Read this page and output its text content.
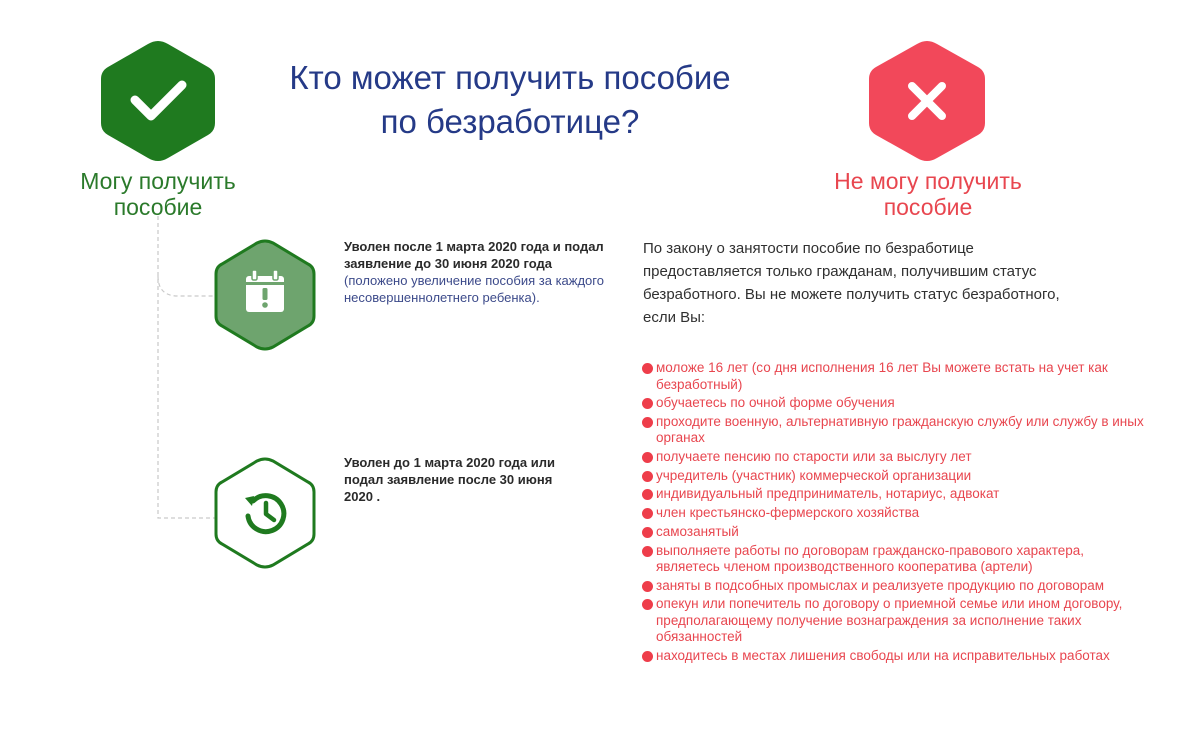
Кто может получить пособие по безработице?
Могу получить пособие
Не могу получить пособие
Уволен после 1 марта 2020 года и подал заявление до 30 июня 2020 года
(положено увеличение пособия за каждого несовершеннолетнего ребенка).
Уволен до 1 марта 2020 года или подал заявление после 30 июня 2020 .
По закону о занятости пособие по безработице предоставляется только гражданам, получившим статус безработного. Вы не можете получить статус безработного, если Вы:
моложе 16 лет (со дня исполнения 16 лет Вы можете встать на учет как безработный)
обучаетесь по очной форме обучения
проходите военную, альтернативную гражданскую службу или службу в иных органах
получаете пенсию по старости или за выслугу лет
учредитель (участник) коммерческой организации
индивидуальный предприниматель, нотариус, адвокат
член крестьянско-фермерского хозяйства
самозанятый
выполняете работы по договорам гражданско-правового характера, являетесь членом производственного кооператива (артели)
заняты в подсобных промыслах и реализуете продукцию по договорам
опекун или попечитель по договору о приемной семье или ином договору, предполагающему получение вознаграждения за исполнение таких обязанностей
находитесь в местах лишения свободы или на исправительных работах
